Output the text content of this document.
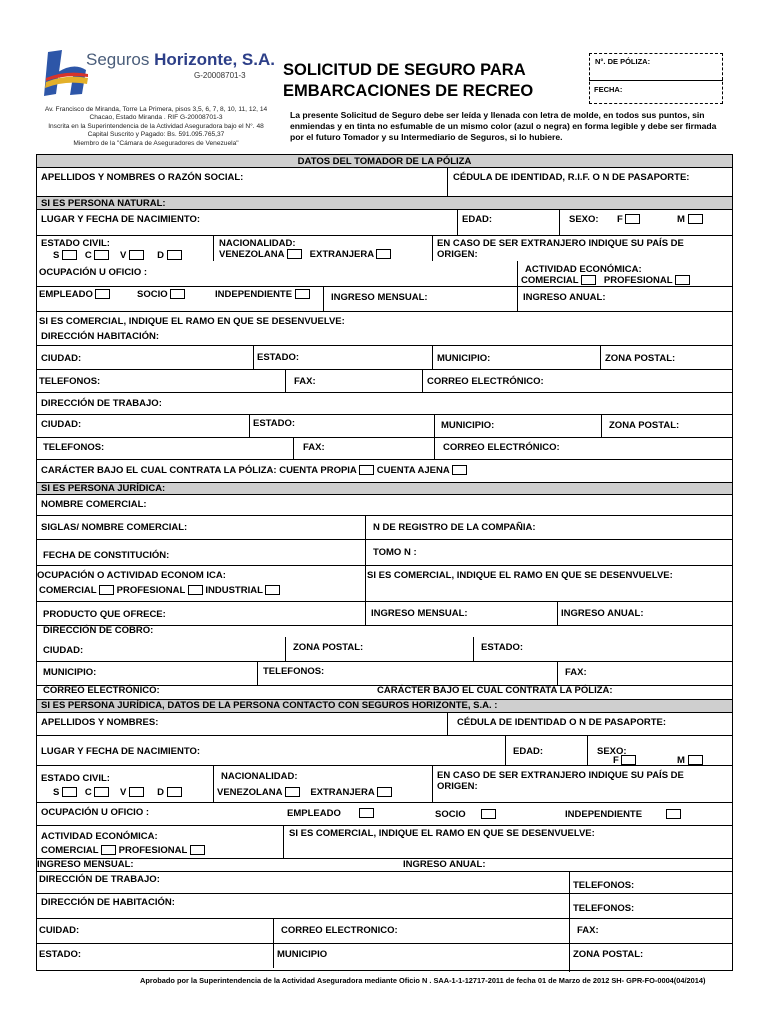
Seguros Horizonte, S.A.
G-20008701-3
Av. Francisco de Miranda, Torre La Primera, pisos 3,5, 6, 7, 8, 10, 11, 12, 14
Chacao, Estado Miranda . RIF G-20008701-3
Inscrita en la Superintendencia de la Actividad Aseguradora bajo el N°. 48
Capital Suscrito y Pagado: Bs. 591.095.765,37
Miembro de la "Cámara de Aseguradores de Venezuela"
SOLICITUD DE SEGURO PARA
EMBARCACIONES DE RECREO
La presente Solicitud de Seguro debe ser leída y llenada con letra de molde, en todos sus puntos, sin enmiendas y en tinta no esfumable de un mismo color (azul o negra) en forma legible y debe ser firmada por el futuro Tomador y su Intermediario de Seguros, si lo hubiere.
N°. DE PÓLIZA:
FECHA:
DATOS DEL TOMADOR DE LA PÓLIZA
APELLIDOS Y NOMBRES O RAZÓN SOCIAL:	CÉDULA DE IDENTIDAD, R.I.F. O N DE PASAPORTE:
SI ES PERSONA NATURAL:
LUGAR Y FECHA DE NACIMIENTO:	EDAD:	SEXO: F	M
ESTADO CIVIL:
S	C	V	D
NACIONALIDAD:
VENEZOLANA	EXTRANJERA
EN CASO DE SER EXTRANJERO INDIQUE SU PAÍS DE
ORIGEN:
OCUPACIÓN U OFICIO :	ACTIVIDAD ECONÓMICA:
COMERCIAL	PROFESIONAL
EMPLEADO	SOCIO	INDEPENDIENTE	INGRESO MENSUAL:	INGRESO ANUAL:
SI ES COMERCIAL, INDIQUE EL RAMO EN QUE SE DESENVUELVE:
DIRECCIÓN HABITACIÓN:
CIUDAD:	ESTADO:	MUNICIPIO:	ZONA POSTAL:
TELEFONOS:	FAX:	CORREO ELECTRÓNICO:
DIRECCIÓN DE TRABAJO:
CIUDAD:	ESTADO:	MUNICIPIO:	ZONA POSTAL:
TELEFONOS:	FAX:	CORREO ELECTRÓNICO:
CARÁCTER BAJO EL CUAL CONTRATA LA PÓLIZA: CUENTA PROPIA CUENTA AJENA
SI ES PERSONA JURÍDICA:
NOMBRE COMERCIAL:
SIGLAS/ NOMBRE COMERCIAL:	N DE REGISTRO DE LA COMPAÑIA:
FECHA DE CONSTITUCIÓN:	TOMO N :
OCUPACIÓN O ACTIVIDAD ECONOM ICA:
COMERCIAL PROFESIONAL INDUSTRIAL
SI ES COMERCIAL, INDIQUE EL RAMO EN QUE SE DESENVUELVE:
PRODUCTO QUE OFRECE:	INGRESO MENSUAL:	INGRESO ANUAL:
DIRECCIÓN DE COBRO:
CIUDAD:	ZONA POSTAL:	ESTADO:
MUNICIPIO:	TELEFONOS:	FAX:
CORREO ELECTRÓNICO:	CARÁCTER BAJO EL CUAL CONTRATA LA PÓLIZA:
SI ES PERSONA JURÍDICA, DATOS DE LA PERSONA CONTACTO CON SEGUROS HORIZONTE, S.A. :
APELLIDOS Y NOMBRES:	CÉDULA DE IDENTIDAD O N DE PASAPORTE:
LUGAR Y FECHA DE NACIMIENTO:	EDAD:	SEXO:
F	M
ESTADO CIVIL:
S	C	V	D
NACIONALIDAD:
VENEZOLANA	EXTRANJERA
EN CASO DE SER EXTRANJERO INDIQUE SU PAÍS DE
ORIGEN:
OCUPACIÓN U OFICIO :	EMPLEADO	SOCIO	INDEPENDIENTE
ACTIVIDAD ECONÓMICA:
COMERCIAL PROFESIONAL
SI ES COMERCIAL, INDIQUE EL RAMO EN QUE SE DESENVUELVE:
INGRESO MENSUAL:	INGRESO ANUAL:
DIRECCIÓN DE TRABAJO:
TELEFONOS:
DIRECCIÓN DE HABITACIÓN:
TELEFONOS:
CUIDAD:	CORREO ELECTRONICO:	FAX:
ESTADO:	MUNICIPIO	ZONA POSTAL:
Aprobado por la Superintendencia de la Actividad Aseguradora mediante Oficio N . SAA-1-1-12717-2011 de fecha 01 de Marzo de 2012 SH- GPR-FO-0004(04/2014)
